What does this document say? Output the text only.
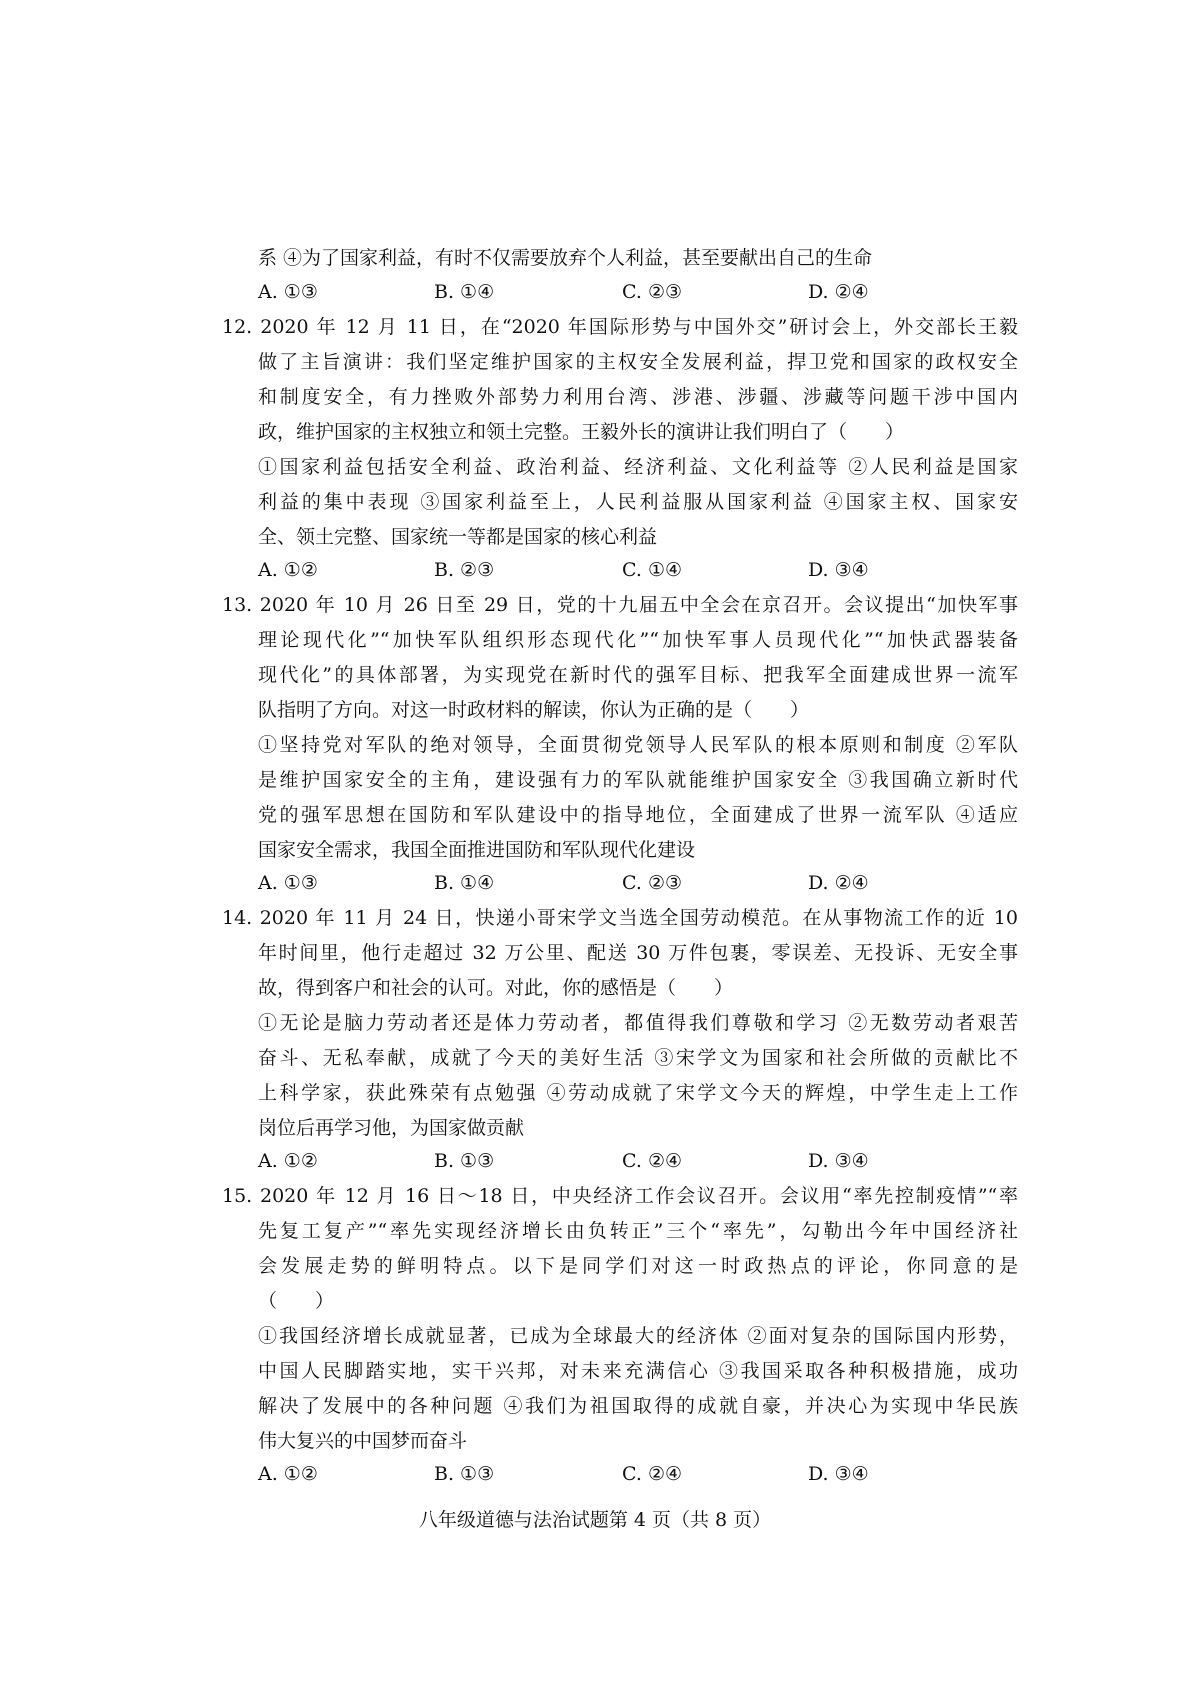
系 ④为了国家利益，有时不仅需要放弃个人利益，甚至要献出自己的生命
A. ①③	B. ①④	C. ②③	D. ②④
12. 2020 年 12 月 11 日，在“2020 年国际形势与中国外交”研讨会上，外交部长王毅
做了主旨演讲：我们坚定维护国家的主权安全发展利益，捍卫党和国家的政权安全
和制度安全，有力挫败外部势力利用台湾、涉港、涉疆、涉藏等问题干涉中国内
政，维护国家的主权独立和领土完整。王毅外长的演讲让我们明白了（　　）
①国家利益包括安全利益、政治利益、经济利益、文化利益等 ②人民利益是国家
利益的集中表现 ③国家利益至上，人民利益服从国家利益 ④国家主权、国家安
全、领土完整、国家统一等都是国家的核心利益
A. ①②	B. ②③	C. ①④	D. ③④
13. 2020 年 10 月 26 日至 29 日，党的十九届五中全会在京召开。会议提出“加快军事
理论现代化”“加快军队组织形态现代化”“加快军事人员现代化”“加快武器装备
现代化”的具体部署，为实现党在新时代的强军目标、把我军全面建成世界一流军
队指明了方向。对这一时政材料的解读，你认为正确的是（　　）
①坚持党对军队的绝对领导，全面贯彻党领导人民军队的根本原则和制度 ②军队
是维护国家安全的主角，建设强有力的军队就能维护国家安全 ③我国确立新时代
党的强军思想在国防和军队建设中的指导地位，全面建成了世界一流军队 ④适应
国家安全需求，我国全面推进国防和军队现代化建设
A. ①③	B. ①④	C. ②③	D. ②④
14. 2020 年 11 月 24 日，快递小哥宋学文当选全国劳动模范。在从事物流工作的近 10
年时间里，他行走超过 32 万公里、配送 30 万件包裹，零误差、无投诉、无安全事
故，得到客户和社会的认可。对此，你的感悟是（　　）
①无论是脑力劳动者还是体力劳动者，都值得我们尊敬和学习 ②无数劳动者艰苦
奋斗、无私奉献，成就了今天的美好生活 ③宋学文为国家和社会所做的贡献比不
上科学家，获此殊荣有点勉强 ④劳动成就了宋学文今天的辉煌，中学生走上工作
岗位后再学习他，为国家做贡献
A. ①②	B. ①③	C. ②④	D. ③④
15. 2020 年 12 月 16 日～18 日，中央经济工作会议召开。会议用“率先控制疫情”“率
先复工复产”“率先实现经济增长由负转正”三个“率先”，勾勒出今年中国经济社
会发展走势的鲜明特点。以下是同学们对这一时政热点的评论，你同意的是
（　　）
①我国经济增长成就显著，已成为全球最大的经济体 ②面对复杂的国际国内形势，
中国人民脚踏实地，实干兴邦，对未来充满信心 ③我国采取各种积极措施，成功
解决了发展中的各种问题 ④我们为祖国取得的成就自豪，并决心为实现中华民族
伟大复兴的中国梦而奋斗
A. ①②	B. ①③	C. ②④	D. ③④
八年级道德与法治试题第 4 页（共 8 页）
